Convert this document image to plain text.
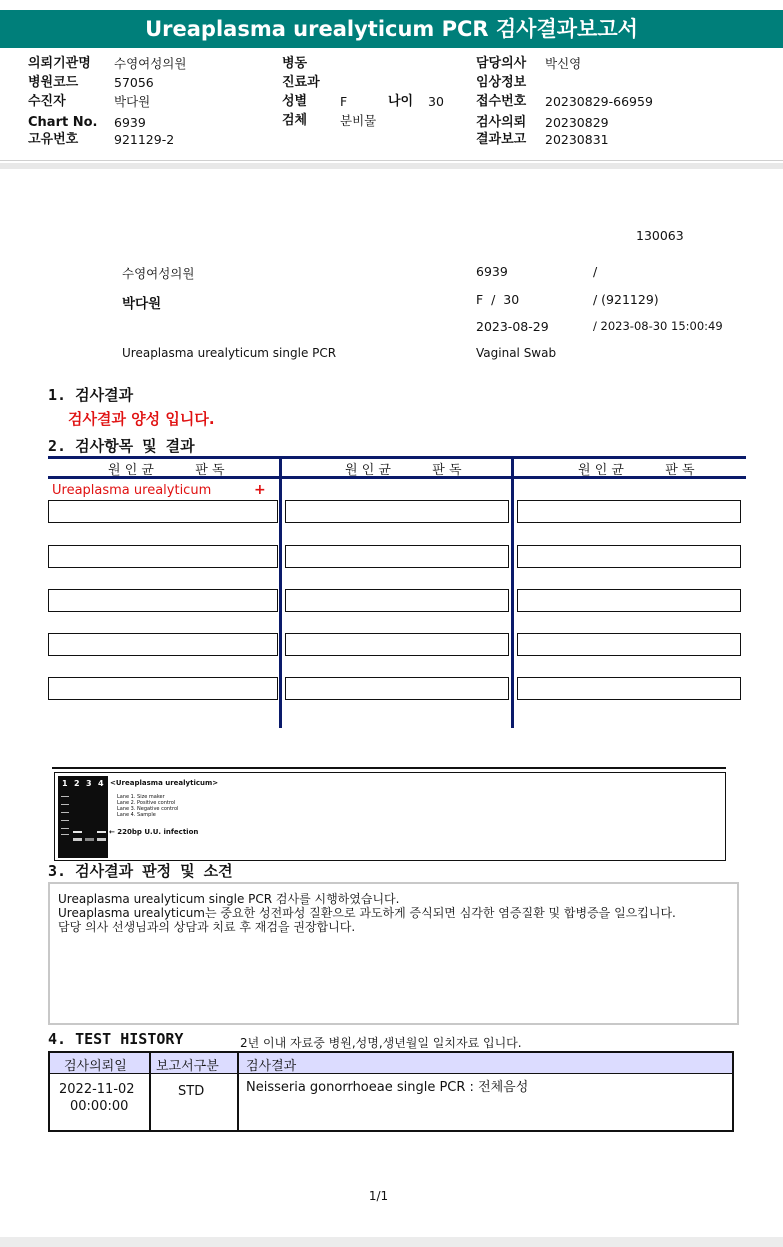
Ureaplasma urealyticum PCR 검사결과보고서
의뢰기관명 수영여성의원
병원코드	57056
수진자	박다원
Chart No. 6939
고유번호	921129-2
병동
진료과
성별	F	나이 30
검체	분비물
담당의사 박신영
임상정보
접수번호 20230829-66959
검사의뢰 20230829
결과보고 20230831
130063
수영여성의원	6939	/
박다원	F  /  30	/ (921129)
2023-08-29	/ 2023-08-30 15:00:49
Ureaplasma urealyticum single PCR	Vaginal Swab
1. 검사결과
검사결과 양성 입니다.
2. 검사항목 및 결과
원 인 균          판 독	원 인 균          판 독	원 인 균          판 독
Ureaplasma urealyticum	+
1 2 3 4 <Ureaplasma urealyticum>
Lane 1. Size maker
Lane 2. Positive control
Lane 3. Negative control
Lane 4. Sample
← 220bp U.U. infection
3. 검사결과 판정 및 소견
Ureaplasma urealyticum single PCR 검사를 시행하였습니다.
Ureaplasma urealyticum는 중요한 성전파성 질환으로 과도하게 증식되면 심각한 염증질환 및 합병증을 일으킵니다.
담당 의사 선생님과의 상담과 치료 후 재검을 권장합니다.
4. TEST HISTORY	2년 이내 자료중 병원,성명,생년월일 일치자료 입니다.
검사의뢰일 보고서구분 검사결과
2022-11-02
00:00:00
STD	Neisseria gonorrhoeae single PCR : 전체음성
1/1
